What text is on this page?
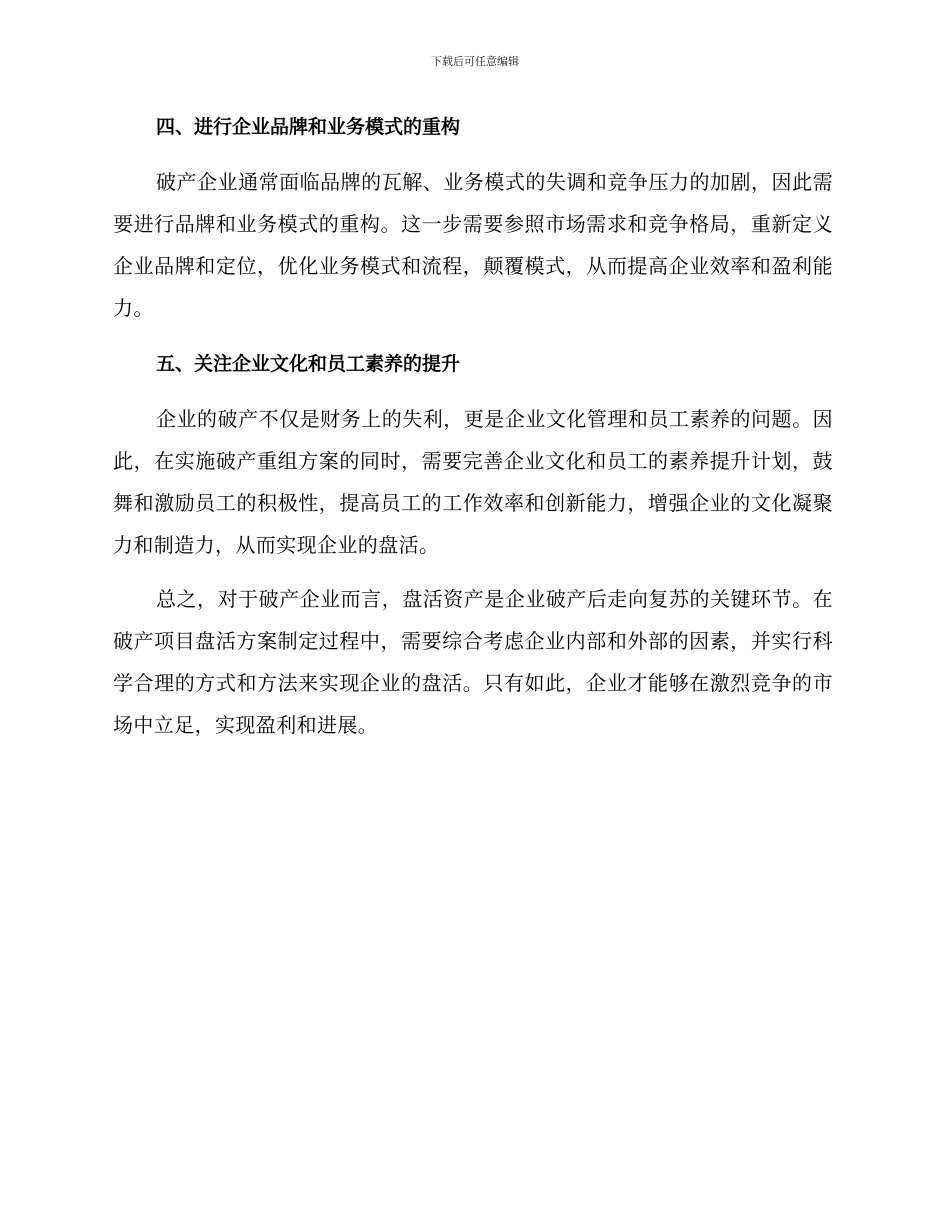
下载后可任意编辑
四、进行企业品牌和业务模式的重构

破产企业通常面临品牌的瓦解、业务模式的失调和竞争压力的加剧，因此需要进行品牌和业务模式的重构。这一步需要参照市场需求和竞争格局，重新定义企业品牌和定位，优化业务模式和流程，颠覆模式，从而提高企业效率和盈利能力。

五、关注企业文化和员工素养的提升

企业的破产不仅是财务上的失利，更是企业文化管理和员工素养的问题。因此，在实施破产重组方案的同时，需要完善企业文化和员工的素养提升计划，鼓舞和激励员工的积极性，提高员工的工作效率和创新能力，增强企业的文化凝聚力和制造力，从而实现企业的盘活。

总之，对于破产企业而言，盘活资产是企业破产后走向复苏的关键环节。在破产项目盘活方案制定过程中，需要综合考虑企业内部和外部的因素，并实行科学合理的方式和方法来实现企业的盘活。只有如此，企业才能够在激烈竞争的市场中立足，实现盈利和进展。
